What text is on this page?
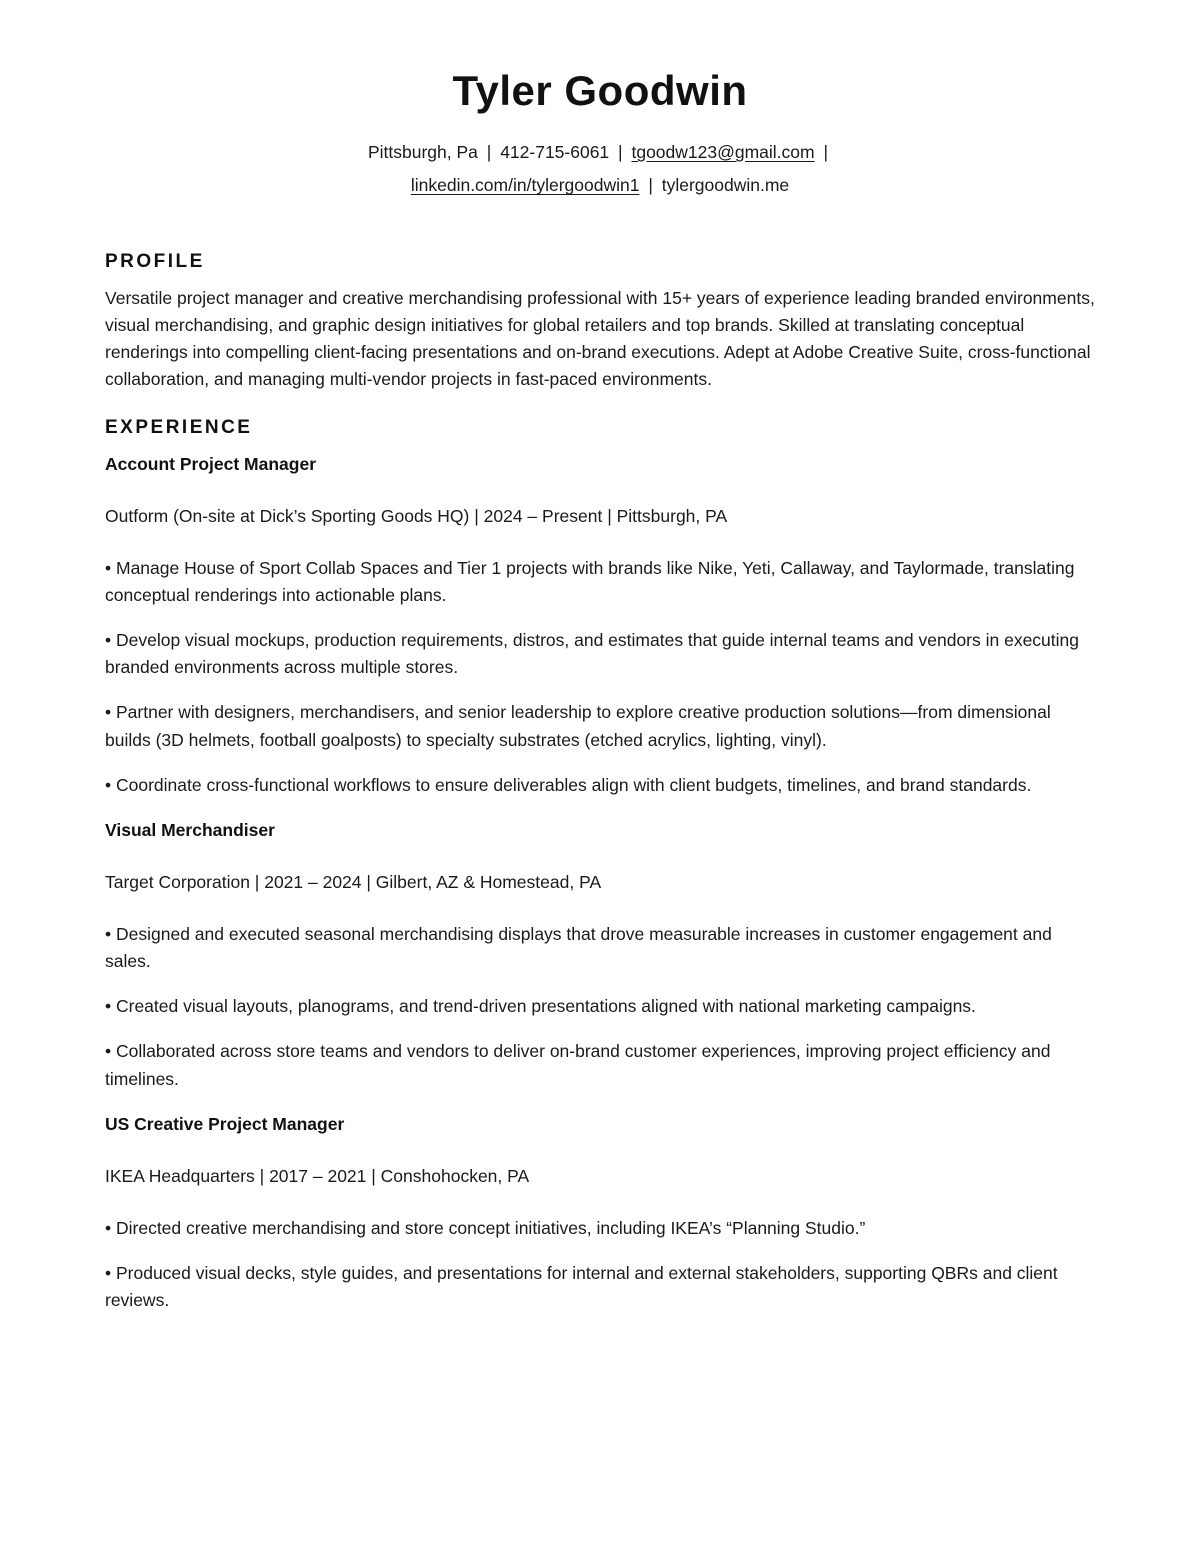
Tyler Goodwin

Pittsburgh, Pa | 412-715-6061 | tgoodw123@gmail.com |

linkedin.com/in/tylergoodwin1 | tylergoodwin.me

PROFILE

Versatile project manager and creative merchandising professional with 15+ years of experience leading branded environments, visual merchandising, and graphic design initiatives for global retailers and top brands. Skilled at translating conceptual renderings into compelling client-facing presentations and on-brand executions. Adept at Adobe Creative Suite, cross-functional collaboration, and managing multi-vendor projects in fast-paced environments.

EXPERIENCE

Account Project Manager

Outform (On-site at Dick’s Sporting Goods HQ) | 2024 – Present | Pittsburgh, PA

• Manage House of Sport Collab Spaces and Tier 1 projects with brands like Nike, Yeti, Callaway, and Taylormade, translating conceptual renderings into actionable plans.

• Develop visual mockups, production requirements, distros, and estimates that guide internal teams and vendors in executing branded environments across multiple stores.

• Partner with designers, merchandisers, and senior leadership to explore creative production solutions—from dimensional builds (3D helmets, football goalposts) to specialty substrates (etched acrylics, lighting, vinyl).

• Coordinate cross-functional workflows to ensure deliverables align with client budgets, timelines, and brand standards.

Visual Merchandiser

Target Corporation | 2021 – 2024 | Gilbert, AZ & Homestead, PA

• Designed and executed seasonal merchandising displays that drove measurable increases in customer engagement and sales.

• Created visual layouts, planograms, and trend-driven presentations aligned with national marketing campaigns.

• Collaborated across store teams and vendors to deliver on-brand customer experiences, improving project efficiency and timelines.

US Creative Project Manager

IKEA Headquarters | 2017 – 2021 | Conshohocken, PA

• Directed creative merchandising and store concept initiatives, including IKEA’s “Planning Studio.”

• Produced visual decks, style guides, and presentations for internal and external stakeholders, supporting QBRs and client reviews.
